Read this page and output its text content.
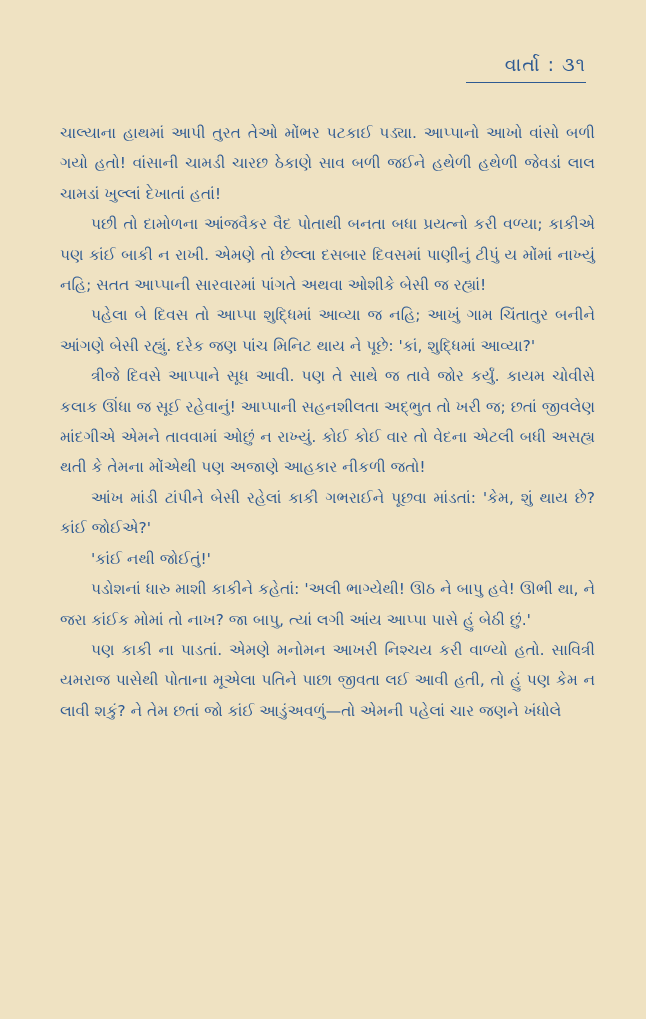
વાર્તા : ૩૧

ચાલ્યાના હાથમાં આપી તુરત તેઓ મોંભર પટકાઈ પડ્યા. આપ્પાનો આખો વાંસો બળી ગયો હતો! વાંસાની ચામડી ચારછ ઠેકાણે સાવ બળી જઈને હથેળી હથેળી જેવડાં લાલ ચામડાં ખુલ્લાં દેખાતાં હતાં!

પછી તો દામોળના આંજવૈકર વૈદ પોતાથી બનતા બધા પ્રયત્નો કરી વળ્યા; કાકીએ પણ કાંઈ બાકી ન રાખી. એમણે તો છેલ્લા દસબાર દિવસમાં પાણીનું ટીપું ય મોંમાં નાખ્યું નહિ; સતત આપ્પાની સારવારમાં પાંગતે અથવા ઓશીકે બેસી જ રહ્યાં!

પહેલા બે દિવસ તો આપ્પા શુદ્ધિમાં આવ્યા જ નહિ; આખું ગામ ચિંતાતુર બનીને આંગણે બેસી રહ્યું. દરેક જણ પાંચ મિનિટ થાય ને પૂછે: 'કાં, શુદ્ધિમાં આવ્યા?'

ત્રીજે દિવસે આપ્પાને સૂધ આવી. પણ તે સાથે જ તાવે જોર કર્યું. કાયમ ચોવીસે કલાક ઊંધા જ સૂઈ રહેવાનું! આપ્પાની સહનશીલતા અદ્ભુત તો ખરી જ; છતાં જીવલેણ માંદગીએ એમને તાવવામાં ઓછું ન રાખ્યું. કોઈ કોઈ વાર તો વેદના એટલી બધી અસહ્ય થતી કે તેમના મોંએથી પણ અજાણે આહકાર નીકળી જતો!

આંખ માંડી ટાંપીને બેસી રહેલાં કાકી ગભરાઈને પૂછવા માંડતાં: 'કેમ, શું થાય છે? કાંઈ જોઈએ?'

'કાંઈ નથી જોઈતું!'

પડોશનાં ધારુ માશી કાકીને કહેતાં: 'અલી ભાગ્યેથી! ઊઠ ને બાપુ હવે! ઊભી થા, ને જરા કાંઈક મોમાં તો નાખ? જા બાપુ, ત્યાં લગી આંય આપ્પા પાસે હું બેઠી છું.'

પણ કાકી ના પાડતાં. એમણે મનોમન આખરી નિશ્ચય કરી વાળ્યો હતો. સાવિત્રી યમરાજ પાસેથી પોતાના મૂએલા પતિને પાછા જીવતા લઈ આવી હતી, તો હું પણ કેમ ન લાવી શકું? ને તેમ છતાં જો કાંઈ આડુંઅવળું—તો એમની પહેલાં ચાર જણને ખંધોલે
